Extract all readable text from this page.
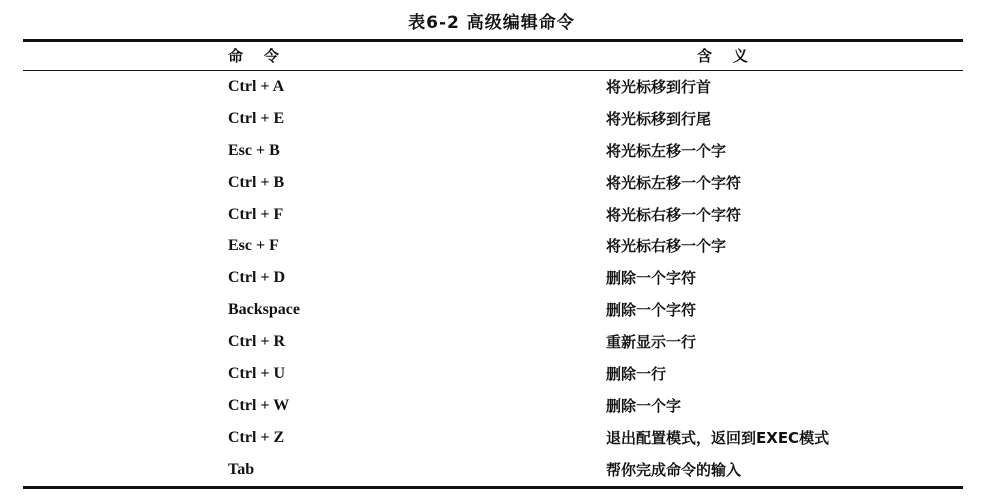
表6-2 高级编辑命令
命    令	含    义
Ctrl + A	将光标移到行首
Ctrl + E	将光标移到行尾
Esc + B	将光标左移一个字
Ctrl + B	将光标左移一个字符
Ctrl + F	将光标右移一个字符
Esc + F	将光标右移一个字
Ctrl + D	删除一个字符
Backspace	删除一个字符
Ctrl + R	重新显示一行
Ctrl + U	删除一行
Ctrl + W	删除一个字
Ctrl + Z	退出配置模式，返回到EXEC模式
Tab	帮你完成命令的输入
